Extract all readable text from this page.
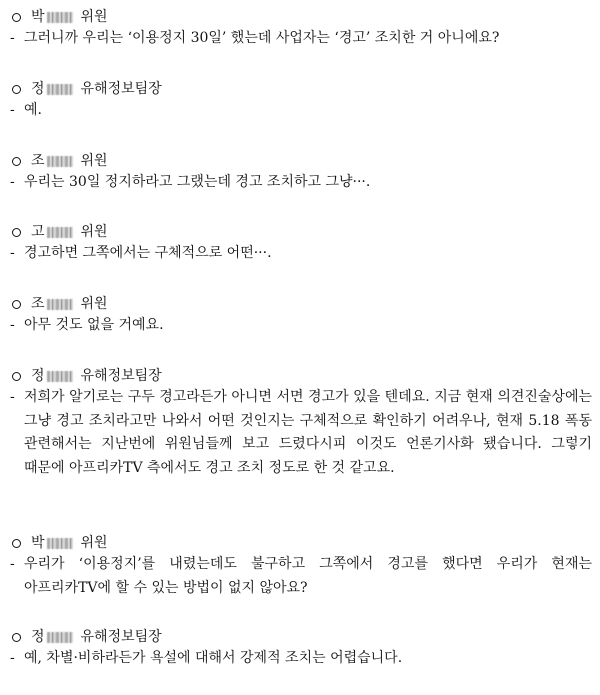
박	위원
- 그러니까 우리는 ‘이용정지 30일’ 했는데 사업자는 ‘경고’ 조치한 거 아니에요?
정	유해정보팀장
- 예.
조	위원
- 우리는 30일 정지하라고 그랬는데 경고 조치하고 그냥···.
고	위원
- 경고하면 그쪽에서는 구체적으로 어떤···.
조	위원
- 아무 것도 없을 거예요.
정	유해정보팀장
- 저희가 알기로는 구두 경고라든가 아니면 서면 경고가 있을 텐데요. 지금 현재 의견진술상에는 그냥 경고 조치라고만 나와서 어떤 것인지는 구체적으로 확인하기 어려우나, 현재 5.18 폭동 관련해서는 지난번에 위원님들께 보고 드렸다시피 이것도 언론기사화 됐습니다. 그렇기 때문에 아프리카TV 측에서도 경고 조치 정도로 한 것 같고요.
박	위원
- 우리가 ‘이용정지’를 내렸는데도 불구하고 그쪽에서 경고를 했다면 우리가 현재는 아프리카TV에 할 수 있는 방법이 없지 않아요?
정	유해정보팀장
- 예, 차별·비하라든가 욕설에 대해서 강제적 조치는 어렵습니다.
